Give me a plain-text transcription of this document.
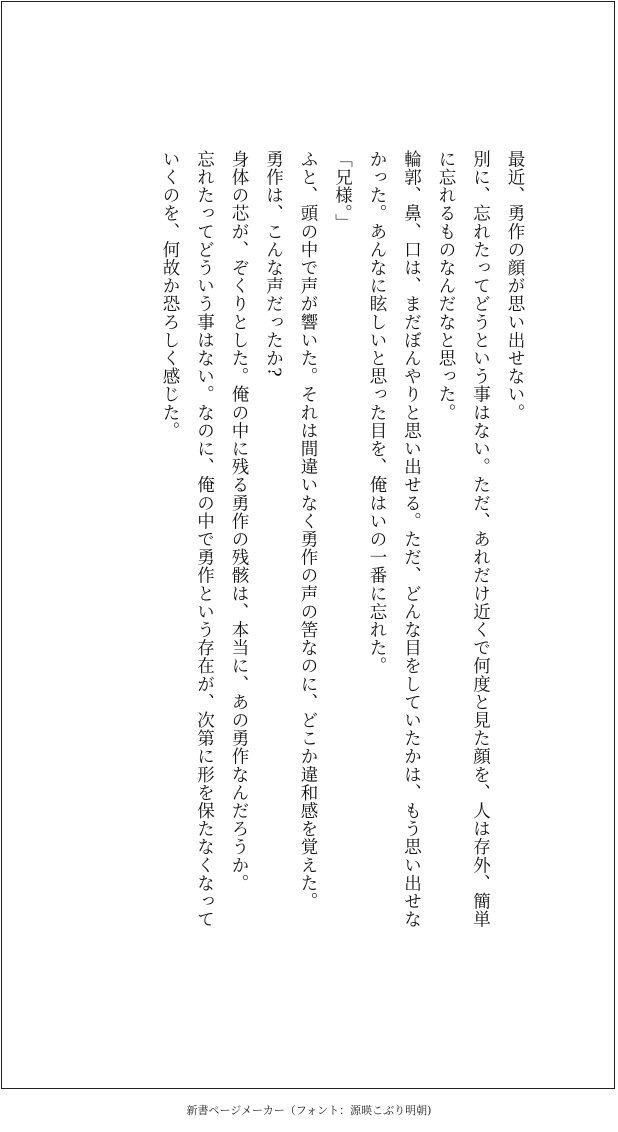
最近、勇作の顔が思い出せない。

別に、忘れたってどうという事はない。ただ、あれだけ近くで何度と見た顔を、人は存外、簡単に忘れるものなんだなと思った。

輪郭、鼻、口は、まだぼんやりと思い出せる。ただ、どんな目をしていたかは、もう思い出せなかった。あんなに眩しいと思った目を、俺はいの一番に忘れた。

「兄様。」

ふと、頭の中で声が響いた。それは間違いなく勇作の声の筈なのに、どこか違和感を覚えた。

勇作は、こんな声だったか?

身体の芯が、ぞくりとした。俺の中に残る勇作の残骸は、本当に、あの勇作なんだろうか。

忘れたってどういう事はない。なのに、俺の中で勇作という存在が、次第に形を保たなくなっていくのを、何故か恐ろしく感じた。

新書ページメーカー（フォント：源暎こぶり明朝)
